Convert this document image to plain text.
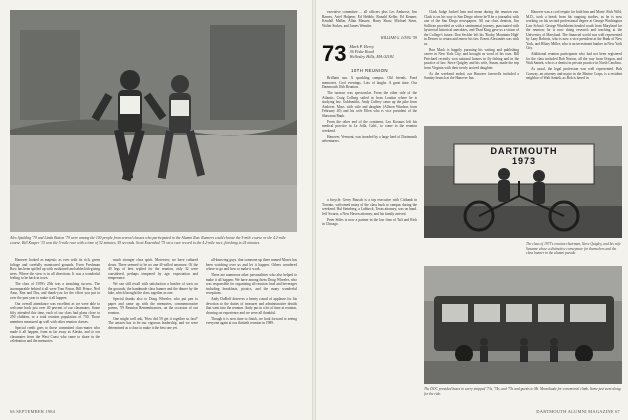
Alex Spalding '79 and Linda Button '79 were among the 100 people from several classes who participated in the Alumni Run. Runners could choose the 5-mile course or the 4.2-mile course. Bill Kasper '15 won the 5-mile race with a time of 32 minutes, 59 seconds. Scott Rosenthal '75 set a race record in the 4.2-mile race, finishing in 24 minutes.

Hanover looked as majestic as ever with its rich, green foliage and carefully manicured grounds. Even Freshman Row has been spiffed up with cushioned and tablecloth-giving trees. Where the view is in all directions. It was a wonderful feeling to be back in town.

The class of 1959's 25th was a smashing success. The incomparable behind it all were Tom Farrar, Bill Prince, Neil Amo, Ron and Dru, and thank-you for the effort you put in over the past year to make it all happen.

Our overall attendance was excellent as we were able to welcome back just over 40 percent of our classmates. Some fifty attended this time, each of our class had plans close to 250 children, or a total reunion population of 730. Those members measured up well with other reunion classes.

Special credit goes to those committed class-mates who made it all happen, from as far away as Alaska, and to our classmates from the West Coast who came to share in the celebration and the memories.

much stronger class spirit. Moreover, we have cultured down. There seemed to be no one ill-willed anymore. Of the 40 legs of best replied for the reunion, only 32 were considered, perhaps tempered by age, expectation and temperance.

We can still recall with satisfaction a bonfire of sorts on the grounds, the handmade class banner and the dinner by the lake, which brought the class together as one.

Special thanks also to Doug Wheeler, who put pen to paper and came up with the memories, commemorative poems, '59 Reunion Remembrances, on the occasion of our reunion.

One might well ask, 'How did 59 get it together so fast?' The answer has to be our vigorous leadership, and we were determined as a class to make it the best one yet.

all-knowing guys, that someone up there named Moses has been watching over us and let it happen. Others wondered where to go and how to make it work.

There are numerous other personalities who also helped to make it all happen. We have among them Doug Wheeler, who was responsible for organizing all reunion food and beverages including breakfasts, picnics, and the many wonderful receptions.

Andy DuBoff deserves a hearty round of applause for his devotion to the duties of treasurer and administrative details that went into the reunion. Andy put in a lot of time at reunion, drawing on experience and we were all thankful.

Though it is now time to finish, we look forward to seeing everyone again at our thirtieth reunion in 1989.

66 SEPTEMBER 1984

executive committee ... all officers plus Les Ambrose, Jim Barnes, Ariel Halpern, Ed Hebble, Ronald Keller, Ed Kenner, Kendall Mallar, Allan Massen, Harry Shaw, Michael Stern, Walter Stokes, and James Wenzler.

WILLIAM G. LONG '59
73 Mark P. Hervy
36 Fiske Road
Wellesley Hills, MA 02181
10TH REUNION

Brilliant sun. A sparkling campus. Old friends. Fond memories. Cool evenings. Lots of laughs. A great time. Our Dartmouth 10th Reunion.

The turnout was spectacular. From the other side of the Atlantic, Craig Colberg sailed in from London where he is studying law. Goldsmiths, Andy Caffrey came up the pike from Andover, Mass. with wife and daughter (Allison Windsor, born February 20) and his wife Ellen who is vice president of the Shawmut Bank.

From the other end of the continent, Leo Kosmos left his medical practice in La Jolla, Calif., to come to the reunion weekend.

Hanover, Vermont, was invaded by a large herd of Dartmouth adventurers.

Clark Judge looked lean and mean during the reunion run. Clark is on his way to San Diego where he'll be a journalist with one of the San Diego newspapers. All our class dentists, Jim Sullivan provided us with a sentimental journey, punctuated with hysterical historical anecdotes, and Thad King gave us a vision of the College's future. Don Seckler left his 'Rocky Mountain High' in Denver to return and renew his ties. Ernest Alexander was with us.

Ron Mack is happily pursuing his writing and publishing career in New York City, and brought us word of his own. Bill Pritchard recently won national honors in fly-fishing and in the practice of law. Steve Quigley and his wife, Susan, made the trip from Virginia with their newly arrived daughter.

As the weekend ended, our Hanover farewells included a Sunday brunch at the Hanover Inn.

Hanover was a cool respite for both him and Marie. Rick Wild, M.D., took a break from his ongoing studies, as he is now working on his second professional degree at George Washington Law School. George Windsheim headed south from Maryland for the reunion; he is now doing research and teaching at the University of Maryland. The financial world was well represented by Lany Roberts, who is now a vice president at the Bank of New York, and Hilary Miller, who is an investment banker in New York City.

Additional reunion participants who had not been registered for the class included Bob Norton, all the way from Oregon, and Walt Santek, who is a dentist in private practice in North Carolina.

As usual, the legal profession was well represented. Bob Conway, an attorney and major in the Marine Corps, is a resident neighbor of Walt Santek, as Bob is based in

DARTMOUTH
1973
The class of 1973's reunion chairman, Steve Quigley, and his wife Susanne chose a distinctive conveyance for themselves and the class banner in the alumni parade.

a bicycle. Gerry Bausch is a top executive with Citibank in Toronto, welcomed many of the class back to campus during the weekend. Hal Steinberg, a Lubbock, Texas attorney, was on hand. Jeff Swartz, a New Haven attorney, and his family arrived.

Peter Stiles is now a partner in the law firm of Taft and Rich in Chicago.

The DOC provided buses to carry stripped '73s, '74s, and '75s and guests to Mt. Moosilauke for a memorial climb. Some just went along for the ride.
DARTMOUTH ALUMNI MAGAZINE 67
